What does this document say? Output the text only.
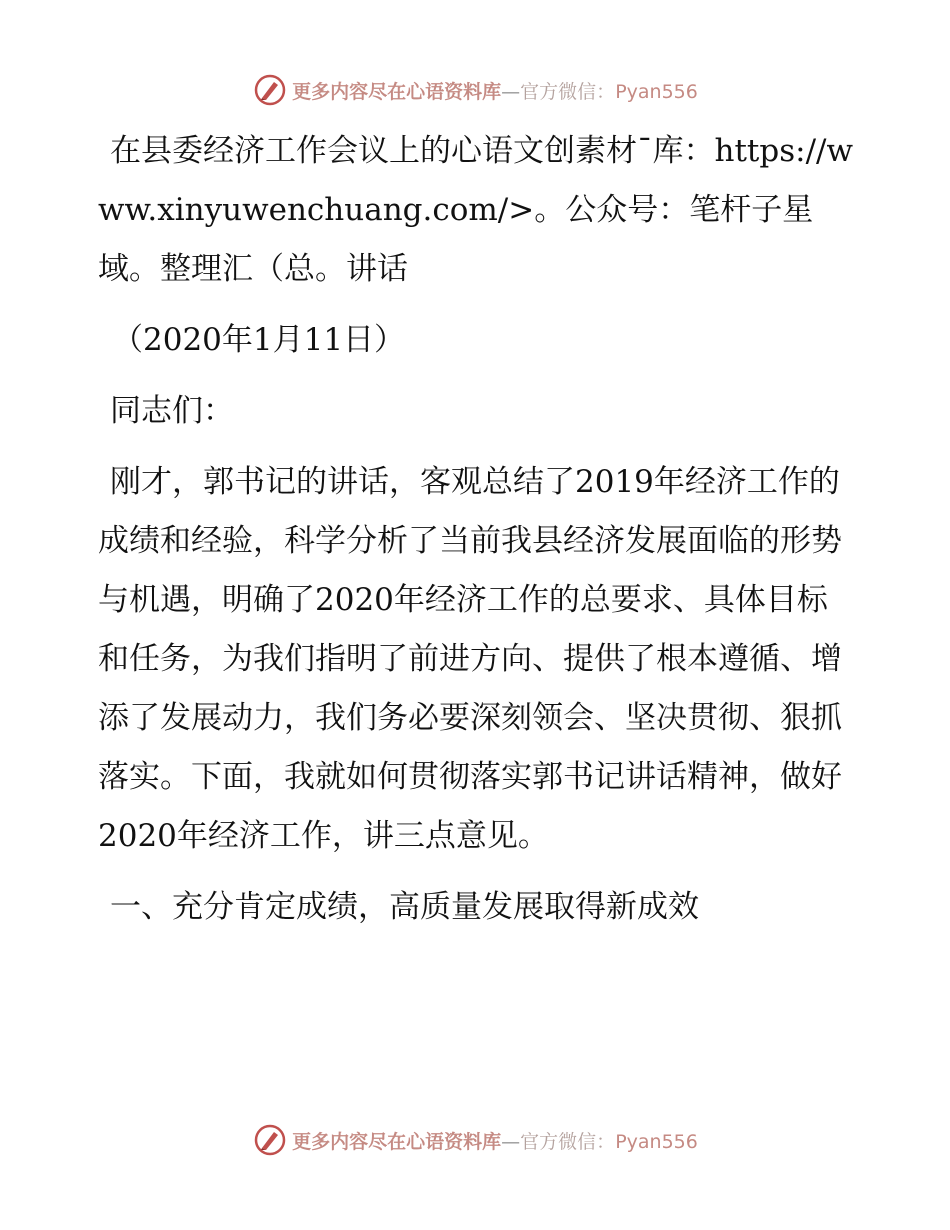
更多内容尽在心语资料库—官方微信：Pyan556

在县委经济工作会议上的心语文创素材¯库：https://www.xinyuwenchuang.com/>。公众号：笔杆子星域。整理汇（总。讲话

（2020年1月11日）

同志们：

刚才，郭书记的讲话，客观总结了2019年经济工作的成绩和经验，科学分析了当前我县经济发展面临的形势与机遇，明确了2020年经济工作的总要求、具体目标和任务，为我们指明了前进方向、提供了根本遵循、增添了发展动力，我们务必要深刻领会、坚决贯彻、狠抓落实。下面，我就如何贯彻落实郭书记讲话精神，做好2020年经济工作，讲三点意见。

一、充分肯定成绩，高质量发展取得新成效

更多内容尽在心语资料库—官方微信：Pyan556
